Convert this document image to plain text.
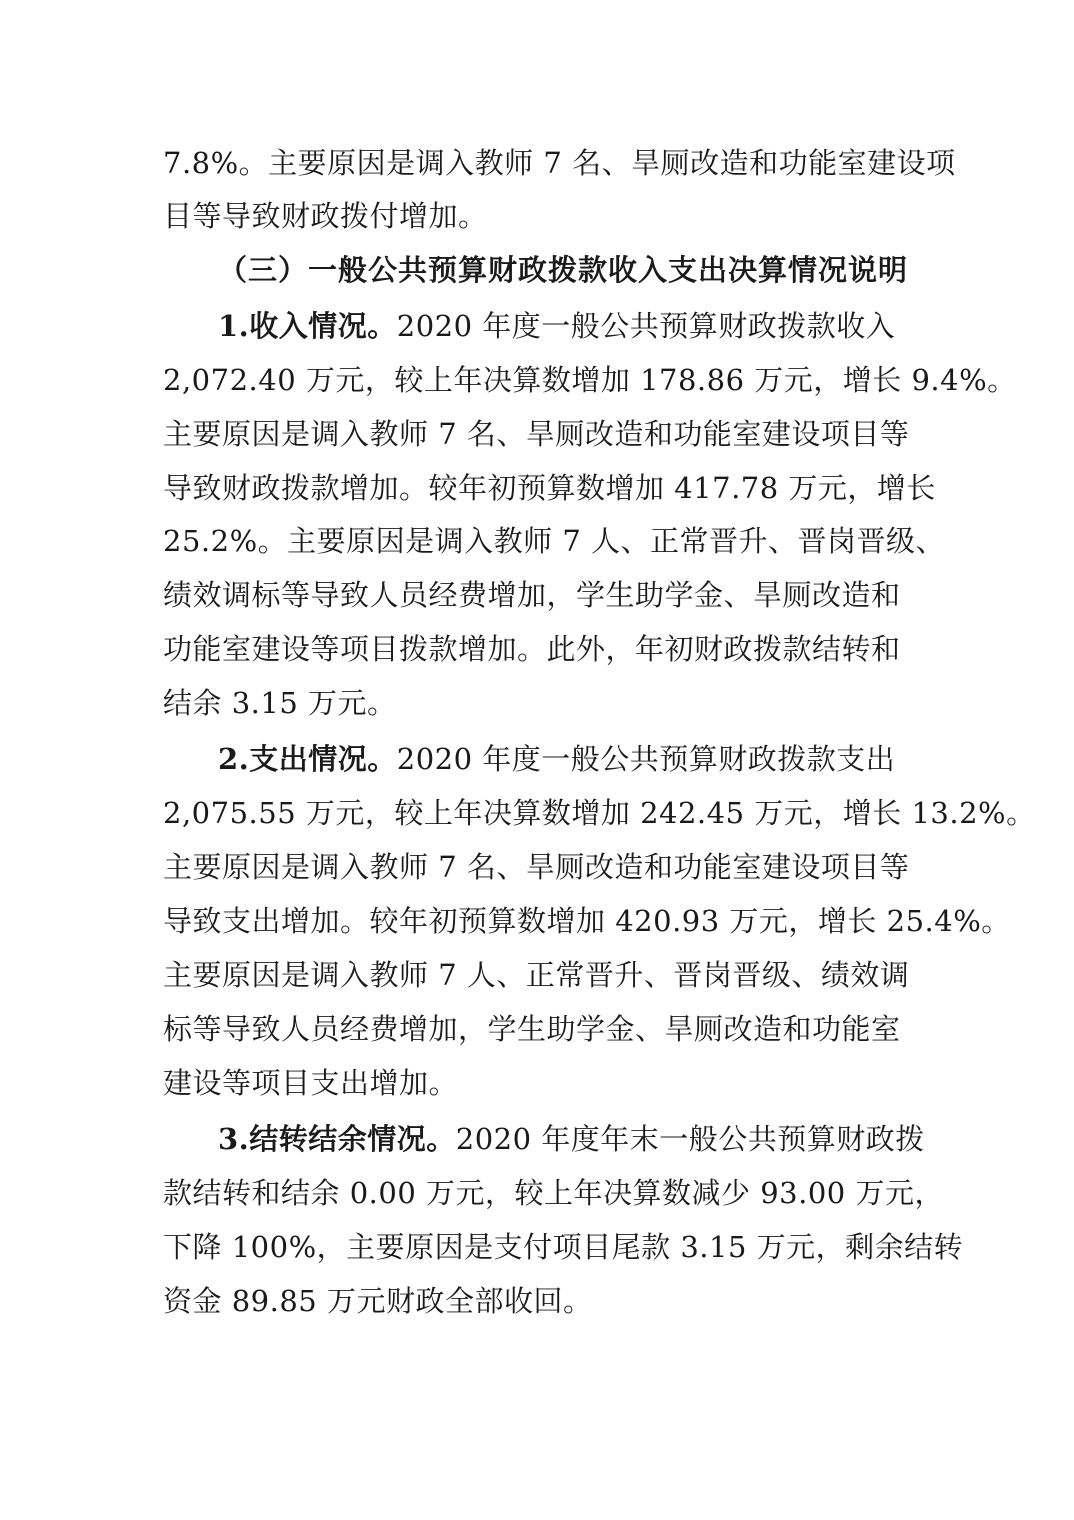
7.8%。主要原因是调入教师 7 名、旱厕改造和功能室建设项
目等导致财政拨付增加。
（三）一般公共预算财政拨款收入支出决算情况说明
1.收入情况。2020 年度一般公共预算财政拨款收入
2,072.40 万元，较上年决算数增加 178.86 万元，增长 9.4%。
主要原因是调入教师 7 名、旱厕改造和功能室建设项目等
导致财政拨款增加。较年初预算数增加 417.78 万元，增长
25.2%。主要原因是调入教师 7 人、正常晋升、晋岗晋级、
绩效调标等导致人员经费增加，学生助学金、旱厕改造和
功能室建设等项目拨款增加。此外，年初财政拨款结转和
结余 3.15 万元。
2.支出情况。2020 年度一般公共预算财政拨款支出
2,075.55 万元，较上年决算数增加 242.45 万元，增长 13.2%。
主要原因是调入教师 7 名、旱厕改造和功能室建设项目等
导致支出增加。较年初预算数增加 420.93 万元，增长 25.4%。
主要原因是调入教师 7 人、正常晋升、晋岗晋级、绩效调
标等导致人员经费增加，学生助学金、旱厕改造和功能室
建设等项目支出增加。
3.结转结余情况。2020 年度年末一般公共预算财政拨
款结转和结余 0.00 万元，较上年决算数减少 93.00 万元，
下降 100%，主要原因是支付项目尾款 3.15 万元，剩余结转
资金 89.85 万元财政全部收回。
